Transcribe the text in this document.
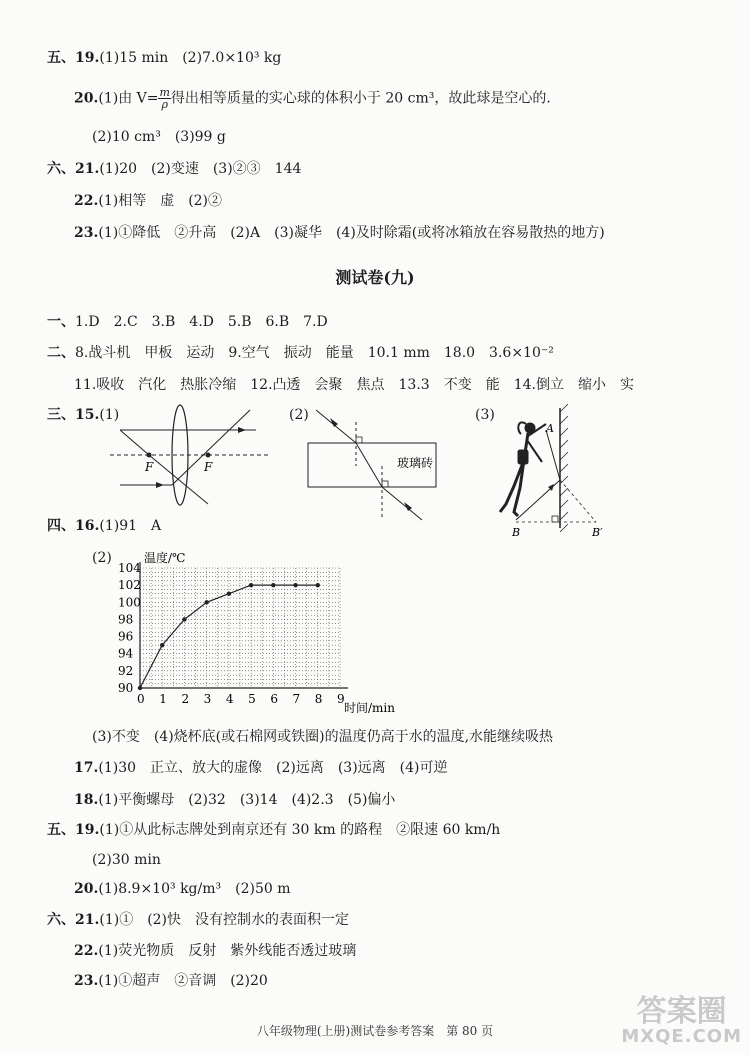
五、19.(1)15 min　(2)7.0×10³ kg
20.(1)由 $V= \frac{m}{\rho}$ 得出相等质量的实心球的体积小于 20 cm³，故此球是空心的.
(2)10 cm³　(3)99 g
六、21.(1)20　(2)变速　(3)②③　144
22.(1)相等　虚　(2)②
23.(1)①降低　②升高　(2)A　(3)凝华　(4)及时除霜(或将冰箱放在容易散热的地方)
测试卷(九)
一、1.D　2.C　3.B　4.D　5.B　6.B　7.D
二、8.战斗机　甲板　运动　9.空气　振动　能量　10.1 mm　18.0　3.6×10⁻²
11.吸收　汽化　热胀冷缩　12.凸透　会聚　焦点　13.3　不变　能　14.倒立　缩小　实
三、15.(1)	(2)	(3)
F	F	玻璃砖
A
B	B′
四、16.(1)91　A
(2)	温度/℃
时间/min
0 1 2 3 4 5 6 7 8 9
90
92
94
96
98
100
102
104
(3)不变　(4)烧杯底(或石棉网或铁圈)的温度仍高于水的温度,水能继续吸热
17.(1)30　正立、放大的虚像　(2)远离　(3)远离　(4)可逆
18.(1)平衡螺母　(2)32　(3)14　(4)2.3　(5)偏小
五、19.(1)①从此标志牌处到南京还有 30 km 的路程　②限速 60 km/h
(2)30 min
20.(1)8.9×10³ kg/m³　(2)50 m
六、21.(1)①　(2)快　没有控制水的表面积一定
22.(1)荧光物质　反射　紫外线能否透过玻璃
23.(1)①超声　②音调　(2)20
八年级物理(上册)测试卷参考答案　第 80 页
答案圈
MXQE.COM
